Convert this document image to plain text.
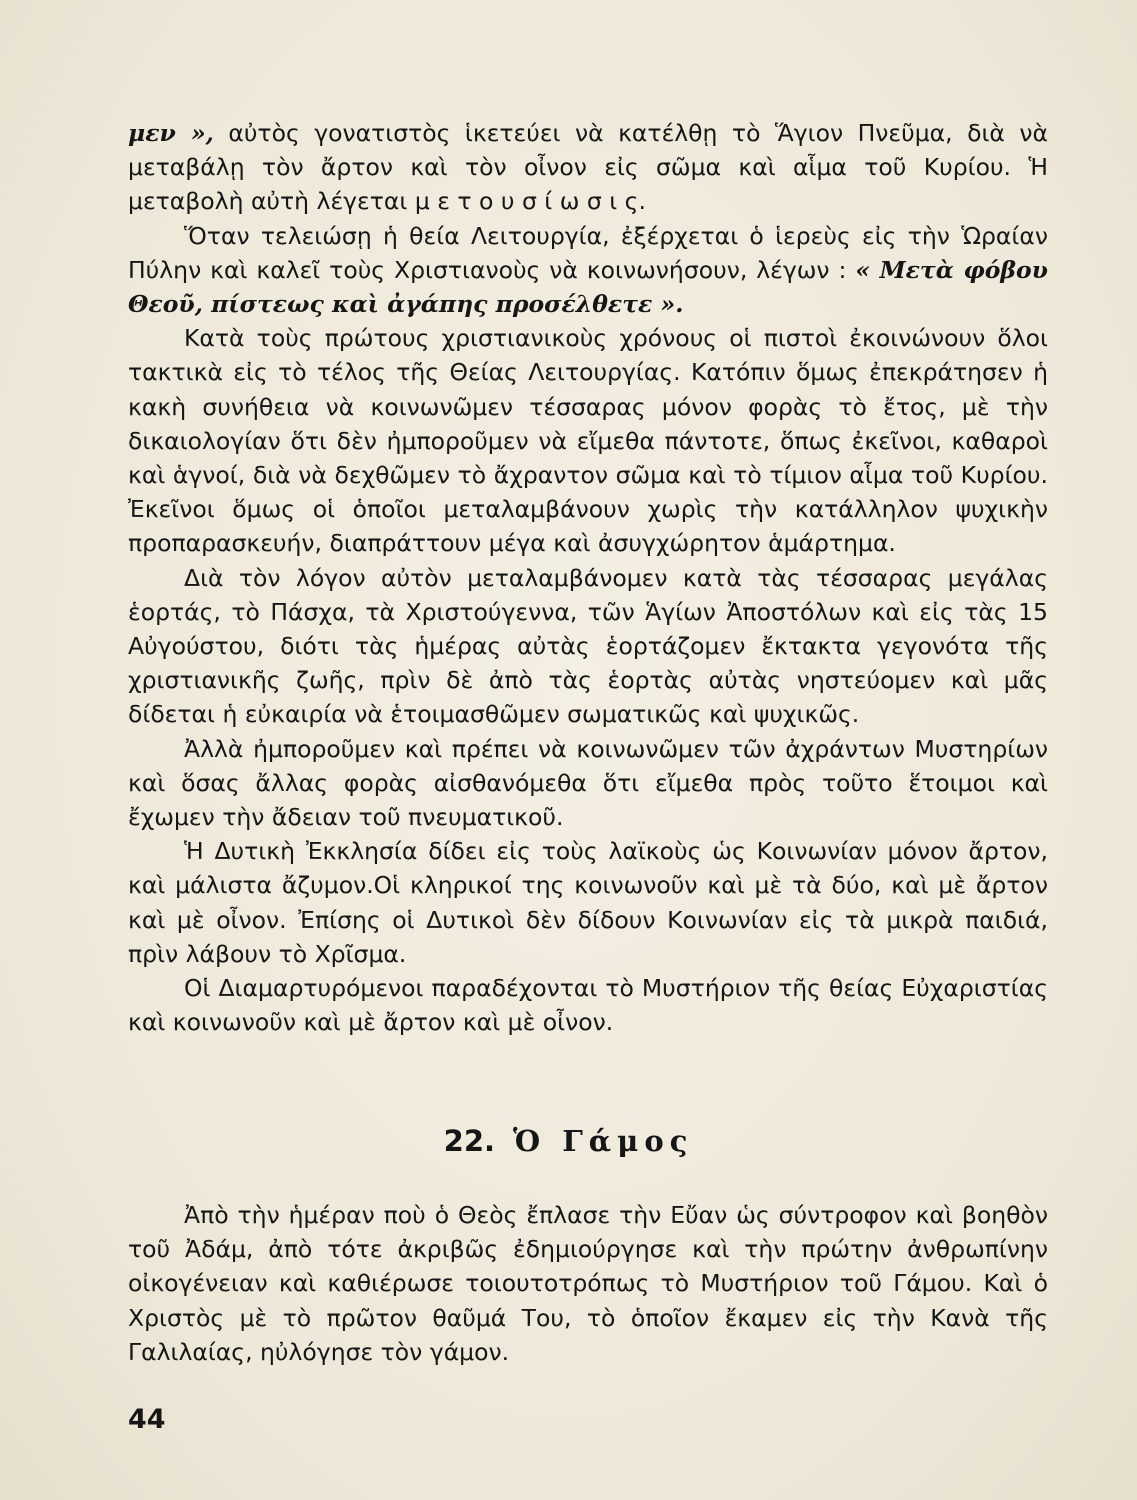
μεν », αὐτὸς γονατιστὸς ἱκετεύει νὰ κατέλθῃ τὸ Ἅγιον Πνεῦμα, διὰ νὰ μεταβάλῃ τὸν ἄρτον καὶ τὸν οἶνον εἰς σῶμα καὶ αἷμα τοῦ Κυρίου. Ἡ μεταβολὴ αὐτὴ λέγεται μ ε τ ο υ σ ί ω σ ι ς.

Ὅταν τελειώσῃ ἡ θεία Λειτουργία, ἐξέρχεται ὁ ἱερεὺς εἰς τὴν Ὡραίαν Πύλην καὶ καλεῖ τοὺς Χριστιανοὺς νὰ κοινωνήσουν, λέγων : « Μετὰ φόβου Θεοῦ, πίστεως καὶ ἀγάπης προσέλθετε ».

Κατὰ τοὺς πρώτους χριστιανικοὺς χρόνους οἱ πιστοὶ ἐκοινώνουν ὅλοι τακτικὰ εἰς τὸ τέλος τῆς Θείας Λειτουργίας. Κατόπιν ὅμως ἐπεκράτησεν ἡ κακὴ συνήθεια νὰ κοινωνῶμεν τέσσαρας μόνον φορὰς τὸ ἔτος, μὲ τὴν δικαιολογίαν ὅτι δὲν ἠμποροῦμεν νὰ εἴμεθα πάντοτε, ὅπως ἐκεῖνοι, καθαροὶ καὶ ἁγνοί, διὰ νὰ δεχθῶμεν τὸ ἄχραντον σῶμα καὶ τὸ τίμιον αἷμα τοῦ Κυρίου. Ἐκεῖνοι ὅμως οἱ ὁποῖοι μεταλαμβάνουν χωρὶς τὴν κατάλληλον ψυχικὴν προπαρασκευήν, διαπράττουν μέγα καὶ ἀσυγχώρητον ἁμάρτημα.

Διὰ τὸν λόγον αὐτὸν μεταλαμβάνομεν κατὰ τὰς τέσσαρας μεγάλας ἑορτάς, τὸ Πάσχα, τὰ Χριστούγεννα, τῶν Ἁγίων Ἀποστόλων καὶ εἰς τὰς 15 Αὐγούστου, διότι τὰς ἡμέρας αὐτὰς ἑορτάζομεν ἔκτακτα γεγονότα τῆς χριστιανικῆς ζωῆς, πρὶν δὲ ἀπὸ τὰς ἑορτὰς αὐτὰς νηστεύομεν καὶ μᾶς δίδεται ἡ εὐκαιρία νὰ ἑτοιμασθῶμεν σωματικῶς καὶ ψυχικῶς.

Ἀλλὰ ἠμποροῦμεν καὶ πρέπει νὰ κοινωνῶμεν τῶν ἀχράντων Μυστηρίων καὶ ὅσας ἄλλας φορὰς αἰσθανόμεθα ὅτι εἴμεθα πρὸς τοῦτο ἕτοιμοι καὶ ἔχωμεν τὴν ἄδειαν τοῦ πνευματικοῦ.

Ἡ Δυτικὴ Ἐκκλησία δίδει εἰς τοὺς λαϊκοὺς ὡς Κοινωνίαν μόνον ἄρτον, καὶ μάλιστα ἄζυμον.Οἱ κληρικοί της κοινωνοῦν καὶ μὲ τὰ δύο, καὶ μὲ ἄρτον καὶ μὲ οἶνον. Ἐπίσης οἱ Δυτικοὶ δὲν δίδουν Κοινωνίαν εἰς τὰ μικρὰ παιδιά, πρὶν λάβουν τὸ Χρῖσμα.

Οἱ Διαμαρτυρόμενοι παραδέχονται τὸ Μυστήριον τῆς θείας Εὐχαριστίας καὶ κοινωνοῦν καὶ μὲ ἄρτον καὶ μὲ οἶνον.

22. Ὁ Γάμος

Ἀπὸ τὴν ἡμέραν ποὺ ὁ Θεὸς ἔπλασε τὴν Εὔαν ὡς σύντροφον καὶ βοηθὸν τοῦ Ἀδάμ, ἀπὸ τότε ἀκριβῶς ἐδημιούργησε καὶ τὴν πρώτην ἀνθρωπίνην οἰκογένειαν καὶ καθιέρωσε τοιουτοτρόπως τὸ Μυστήριον τοῦ Γάμου. Καὶ ὁ Χριστὸς μὲ τὸ πρῶτον θαῦμά Του, τὸ ὁποῖον ἔκαμεν εἰς τὴν Κανὰ τῆς Γαλιλαίας, ηὐλόγησε τὸν γάμον.

44
